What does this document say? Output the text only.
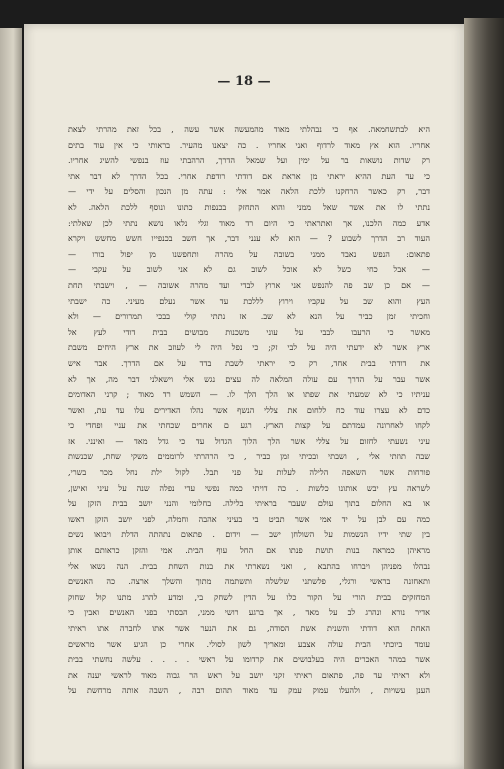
— 18 —
היא לבתשחמאה. אף כי נבהלתי מאוד מהמעשה אשר עשה , בכל זאת מהרתי לצאת
אחריו. הוא אץ מאוד לרדוף ואני אחריו . כה יצאנו מהעיר. בראותי כי אין עוד בתים
רק שדות נושאות בר על ימין ועל שמאל הדרך, הרהבתי עוז בנפשי להשיג אחריו.
כי עד העת ההיא יראתי מן אראת אם דודתי רודפת אחרי. בכל הדרך לא דבר אתי
דבר, רק כאשר הרחקנו ללכת הלאה אמר אלי : עתה מן הנכון והסלים על ידי —
נתתי לו את אשר שאל ממני והוא התחזק בכנפות כתונו ונוסף ללכת הלאה. לא
אדע כמה הלכנו, אך ואתראתי כי היום רד מאוד וגלי נלאו נושא נתתי לכן שאלתי:
העוד רב הדרך לשבוע ? — הוא לא ענני דבר, אך חשב בכנפייו חשש מחשש ויקרא
פתאום: הנפש נאבד ממני בשובה על מהרה ותחפשנו מן יפול בורו —
— אבל כחי כשל לא אוכל לשוב גם לא אני לשוב על עקבי —
— אם כן שב פה להנפש אני ארוץ לבדי ועד מהרה אשובה — , וישבתי תחת
העץ והוא שב על עקביו וירוץ לללכת עד אשר נעלם מעיני. כה ישבתי
וחכיתי זמן כביר על הנא לא שב. אז נתתי קולי בבכי תמרורים — ולא
מאשר כי הרעבו לבבי על עוני משכנות מבושים בבית דודי לעץ אל
ארץ אשר לא ידעתי היה על לבי זק; כי נפל היה לי לעוזב את ארץ היחים משבת
את דודתי בבית אחד, רק כי יראתי לשבת בדד על אם הדרך. אבר איש
אשר עבר על הדרך עם עולה המלאה לה עצים נגש אלי וישאלני דבר מה, אך לא
עניתיו כי לא שמעתי את שפתו או הלך הלך לו. — השמש רד מאוד ; קרני האדומים
כדם לא עצרו עוד כח ללחום את צללי הנשף אשר נהלו האדירים עלו עד עת, ואשר
לקחו לאחרונה עמדתם על קצות הארץ. רגע ם אחרים שכחתי את עניי ופחדי כי
עיני נשעתי לחזום על צללי אשר הלך הלוך הגדול עד כי גדל מאד — ואינני. אז
שבה תוזתי אלי , ושבתי ובכיתי זמן כביר , כי הרהרתי לרוממים משקי שחת, שכנשות
פורחות אשר השאפה הלילה לעלות על פני תבל. לקול ילת נחל מכר בשרי,
לשראה עץ יבש אותונו כלשות . כה דויתי כמה נפשי עדי נפלה שנה על עיני ואישן,
או בא החלום בתוך עולם שעבר בראיתי בלילה. בחלומי והנני יושב בבית הזקן על
כמה עם לבן על יד אמי אשר תביט בי בעיני אהבה וחמלה, לפני יושב הזקן ראשו
בין שתי ידיו הנשמות על השולחן ישב — וידום . פתאום נתהתה הדלת ויבואו נשים
מראיהן כמראה בנות תושת פנתו אם החל עוף הבית. אמי והזקן כראותם אותן
נבהלו מפניהן ויברחו בהתבא , ואני נשארתי את בנות השחת בבית. הנה נשאו אלי
ותאחזנה בראשי ורגלי, פלשתני שלשלה ותשתמה מתוך והשלך ארצה. כה האנשים
המחזקים בבית הורי על הקור כלו על הדין לשחק בי, ומדע להרג מתנו קול שחוק
אדיר נורא ונהרג לב על מאד , אך ברגע רושי ממני, הבסתי בפני האנשים ואבין כי
האחת הוא דודתי והשנית אשת הסודה, גם את הנער אשר אתו לחברה אתו ראיתי
עומד ביוכתי הבית עולה אצבע ומאריך לשון לסולי. אחרי כן הגיע אשר מראשים
אשר במהר האכרים היה בעלבושים את קרדומו על ראשי . . . . עלשה נחשתי בבית
ולא ראיתי עד פה, פתאום ראיתי זקני יושב על ראש הר גבוה מאוד לראשי יענה את
הענן עשויות , ולהעלו עמוק עמק עד מאוד תהום רבה , השבה אותה מרחשת על
